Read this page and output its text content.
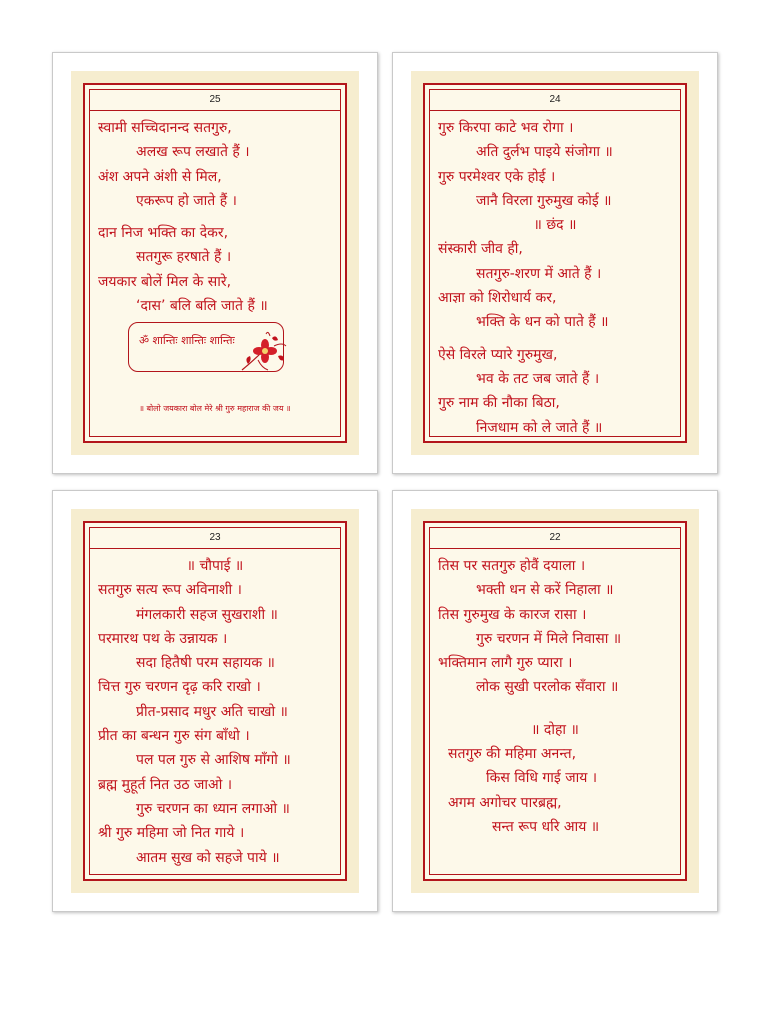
25
स्वामी सच्चिदानन्द सतगुरु,
अलख रूप लखाते हैं ।
अंश अपने अंशी से मिल,
एकरूप हो जाते हैं ।
दान निज भक्ति का देकर,
सतगुरू हरषाते हैं ।
जयकार बोलें मिल के सारे,
‘दास’ बलि बलि जाते हैं ॥
ॐ शान्तिः शान्तिः शान्तिः
॥ बोलो जयकारा बोल मेरे श्री गुरु महाराज की जय ॥
24
गुरु किरपा काटे भव रोगा ।
अति दुर्लभ पाइये संजोगा ॥
गुरु परमेश्वर एके होई ।
जानै विरला गुरुमुख कोई ॥
॥ छंद ॥
संस्कारी जीव ही,
सतगुरु-शरण में आते हैं ।
आज्ञा को शिरोधार्य कर,
भक्ति के धन को पाते हैं ॥
ऐसे विरले प्यारे गुरुमुख,
भव के तट जब जाते हैं ।
गुरु नाम की नौका बिठा,
निजधाम को ले जाते हैं ॥
23
॥ चौपाई ॥
सतगुरु सत्य रूप अविनाशी ।
मंगलकारी सहज सुखराशी ॥
परमारथ पथ के उन्नायक ।
सदा हितैषी परम सहायक ॥
चित्त गुरु चरणन दृढ़ करि राखो ।
प्रीत-प्रसाद मधुर अति चाखो ॥
प्रीत का बन्धन गुरु संग बाँधो ।
पल पल गुरु से आशिष माँगो ॥
ब्रह्म मुहूर्त नित उठ जाओ ।
गुरु चरणन का ध्यान लगाओ ॥
श्री गुरु महिमा जो नित गाये ।
आतम सुख को सहजे पाये ॥
22
तिस पर सतगुरु होवैं दयाला ।
भक्ती धन से करें निहाला ॥
तिस गुरुमुख के कारज रासा ।
गुरु चरणन में मिले निवासा ॥
भक्तिमान लागै गुरु प्यारा ।
लोक सुखी परलोक सँवारा ॥
॥ दोहा ॥
सतगुरु की महिमा अनन्त,
किस विधि गाई जाय ।
अगम अगोचर पारब्रह्म,
सन्त रूप धरि आय ॥
